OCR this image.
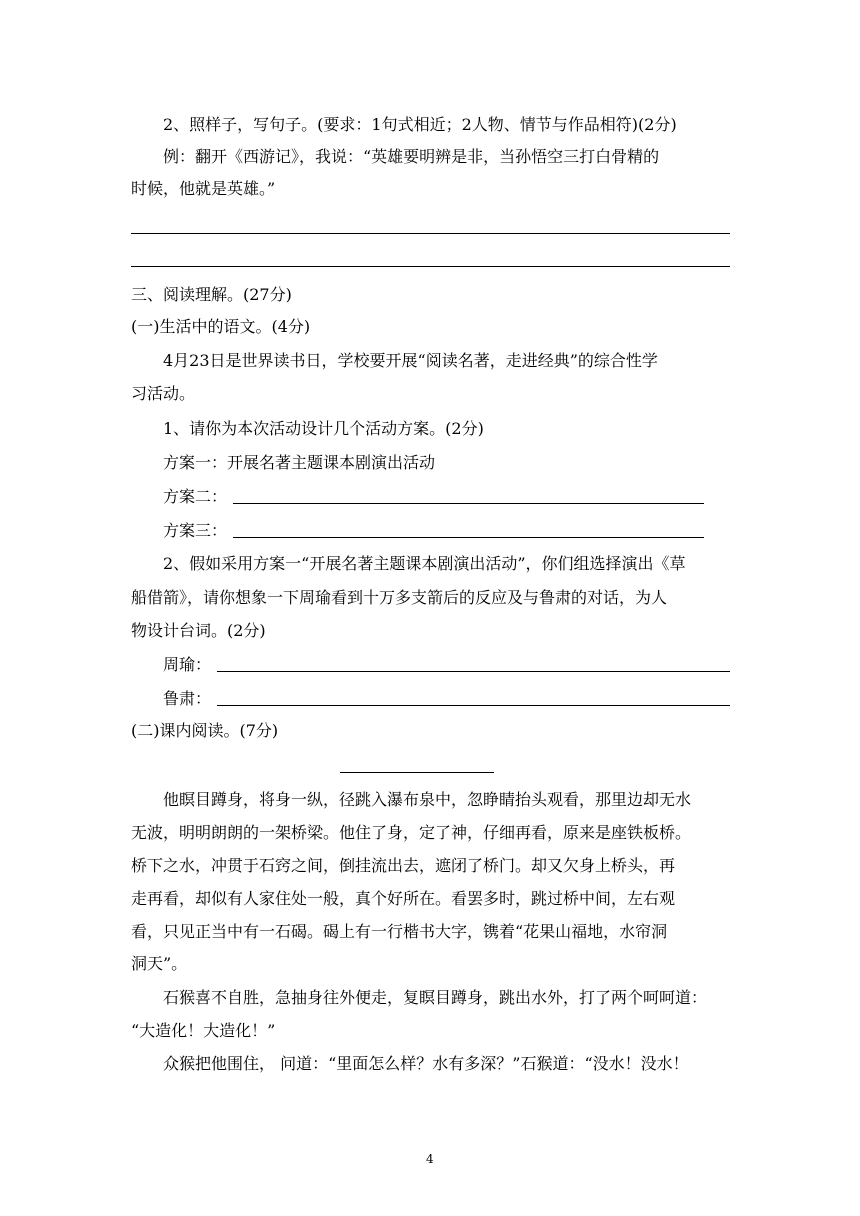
2、照样子，写句子。(要求：1句式相近；2人物、情节与作品相符)(2分)
例：翻开《西游记》，我说：“英雄要明辨是非，当孙悟空三打白骨精的
时候，他就是英雄。”
三、阅读理解。(27分)
(一)生活中的语文。(4分)
4月23日是世界读书日，学校要开展“阅读名著，走进经典”的综合性学
习活动。
1、请你为本次活动设计几个活动方案。(2分)
方案一：开展名著主题课本剧演出活动
方案二：
方案三：
2、假如采用方案一“开展名著主题课本剧演出活动”，你们组选择演出《草
船借箭》，请你想象一下周瑜看到十万多支箭后的反应及与鲁肃的对话，为人
物设计台词。(2分)
周瑜：
鲁肃：
(二)课内阅读。(7分)
他瞑目蹲身，将身一纵，径跳入瀑布泉中，忽睁睛抬头观看，那里边却无水
无波，明明朗朗的一架桥梁。他住了身，定了神，仔细再看，原来是座铁板桥。
桥下之水，冲贯于石窍之间，倒挂流出去，遮闭了桥门。却又欠身上桥头，再
走再看，却似有人家住处一般，真个好所在。看罢多时，跳过桥中间，左右观
看，只见正当中有一石碣。碣上有一行楷书大字，镌着“花果山福地，水帘洞
洞天”。
石猴喜不自胜，急抽身往外便走，复瞑目蹲身，跳出水外，打了两个呵呵道：
“大造化！大造化！”
众猴把他围住， 问道：“里面怎么样？水有多深？”石猴道：“没水！没水！
4
